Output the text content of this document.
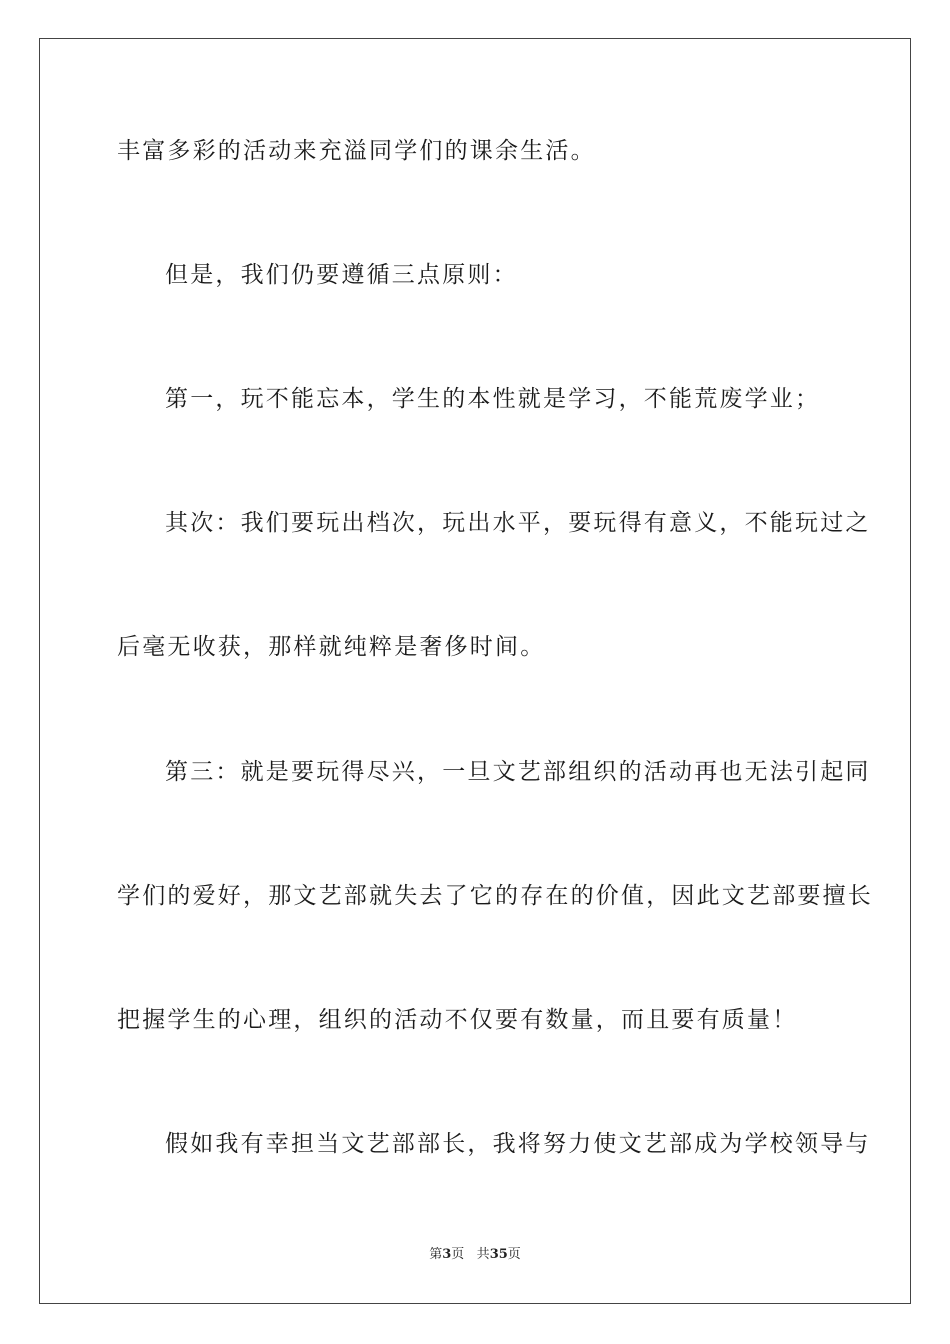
丰富多彩的活动来充溢同学们的课余生活。
但是，我们仍要遵循三点原则：
第一，玩不能忘本，学生的本性就是学习，不能荒废学业；
其次：我们要玩出档次，玩出水平，要玩得有意义，不能玩过之
后毫无收获，那样就纯粹是奢侈时间。
第三：就是要玩得尽兴，一旦文艺部组织的活动再也无法引起同
学们的爱好，那文艺部就失去了它的存在的价值，因此文艺部要擅长
把握学生的心理，组织的活动不仅要有数量，而且要有质量！
假如我有幸担当文艺部部长，我将努力使文艺部成为学校领导与
第3页 共35页
